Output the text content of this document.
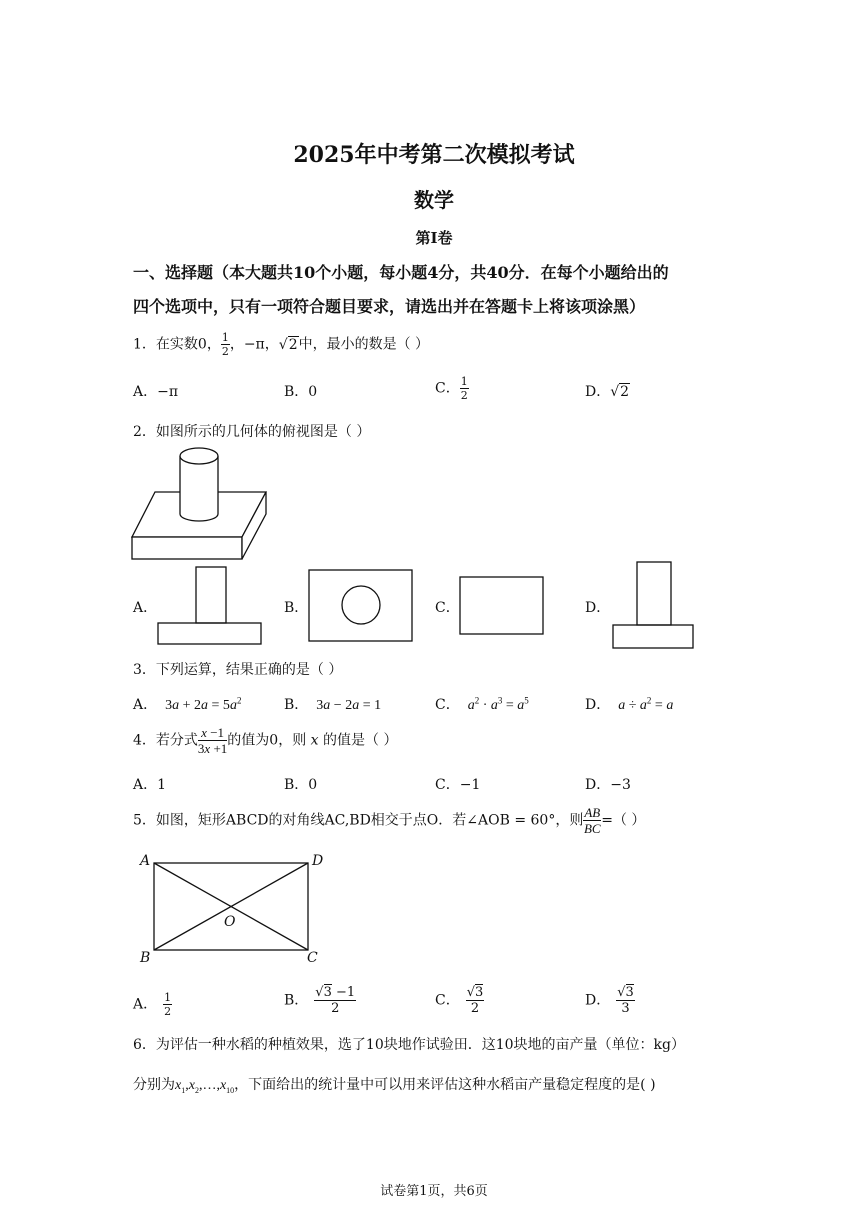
2025年中考第二次模拟考试
数学
第I卷
一、选择题（本大题共10个小题，每小题4分，共40分．在每个小题给出的
四个选项中，只有一项符合题目要求，请选出并在答题卡上将该项涂黑）
1．在实数0， $\frac{1}{2}$ ，−π，√2中，最小的数是（ ）
A．−π	B．0	C． $\frac{1}{2}$	D．√2
2．如图所示的几何体的俯视图是（ ）
A．	B．	C．	D．
3．下列运算，结果正确的是（ ）
A． $3a + 2a = 5a^2$	B． 3a − 2a = 1	C． $a^2 \cdot a^3 = a^5$	D． $a \div a^2 = a$
4．若分式 $\frac{x -1}{3x +1}$ 的值为0，则 x 的值是（ ）
A．1	B．0	C．−1	D．−3
5．如图，矩形ABCD的对角线AC,BD相交于点O．若∠AOB = 60°，则 $\frac{AB}{BC}$ =（ ）
A	D
B	C
O
A． $\frac{1}{2}$	B． $\frac{√3 -1}{2}$	C． $\frac{√3}{2}$	D． $\frac{√3}{3}$
6．为评估一种水稻的种植效果，选了10块地作试验田．这10块地的亩产量（单位：kg）
分别为$x_1,x_2,\dots,x_{10}$，下面给出的统计量中可以用来评估这种水稻亩产量稳定程度的是( )
试卷第1页，共6页
